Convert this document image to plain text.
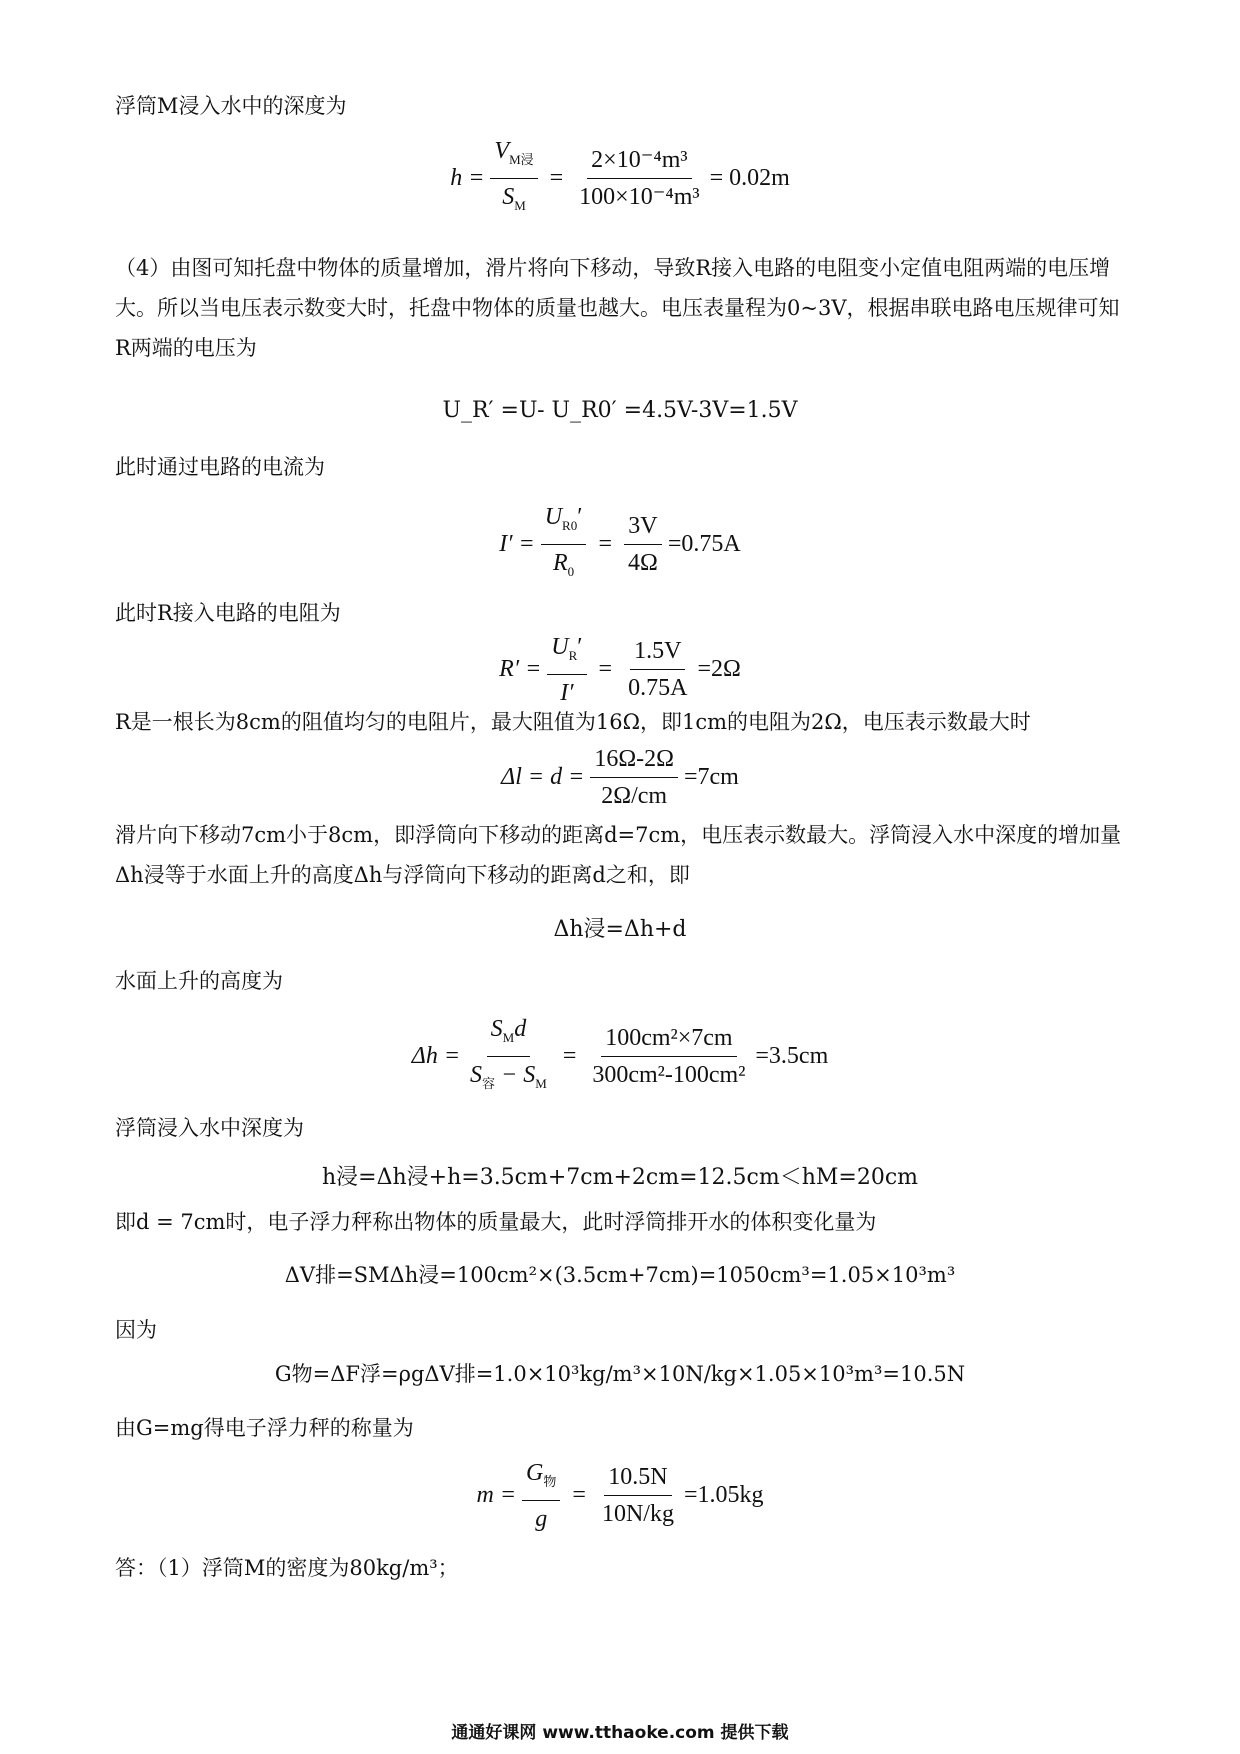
浮筒M浸入水中的深度为
$h = \frac{V_{M浸}}{S_M} = \frac{\text{2×10⁻⁴m³}}{\text{100×10⁻⁴m³}} = 0.02m$
（4）由图可知托盘中物体的质量增加，滑片将向下移动，导致R接入电路的电阻变小定值电阻两端的电压增大。所以当电压表示数变大时，托盘中物体的质量也越大。电压表量程为0~3V，根据串联电路电压规律可知R两端的电压为
U_R′ =U- U_R0′ =4.5V-3V=1.5V
此时通过电路的电流为
$I' = \frac{U_{R0}'}{R_0} = \frac{3V}{4\Omega} =0.75A$
此时R接入电路的电阻为
$R' = \frac{U_R'}{I'} = \frac{1.5V}{0.75A} =2\Omega$
R是一根长为8cm的阻值均匀的电阻片，最大阻值为16Ω，即1cm的电阻为2Ω，电压表示数最大时
$\Delta l = d = \frac{16\Omega-2\Omega}{2\Omega/cm} =7cm$
滑片向下移动7cm小于8cm，即浮筒向下移动的距离d=7cm，电压表示数最大。浮筒浸入水中深度的增加量Δh浸等于水面上升的高度Δh与浮筒向下移动的距离d之和，即
Δh浸=Δh+d
水面上升的高度为
$\Delta h = \frac{S_Md}{S_容 - S_M} = \frac{\text{100cm²×7cm}}{\text{300cm²-100cm²}} =3.5cm$
浮筒浸入水中深度为
h浸=Δh浸+h=3.5cm+7cm+2cm=12.5cm＜hM=20cm
即d = 7cm时，电子浮力秤称出物体的质量最大，此时浮筒排开水的体积变化量为
ΔV排=SMΔh浸=100cm²×(3.5cm+7cm)=1050cm³=1.05×10³m³
因为
G物=ΔF浮=ρgΔV排=1.0×10³kg/m³×10N/kg×1.05×10³m³=10.5N
由G=mg得电子浮力秤的称量为
$m = \frac{G_物}{g} = \frac{10.5N}{10N/kg} =1.05kg$
答：（1）浮筒M的密度为80kg/m³；
通通好课网 www.tthaoke.com 提供下载
